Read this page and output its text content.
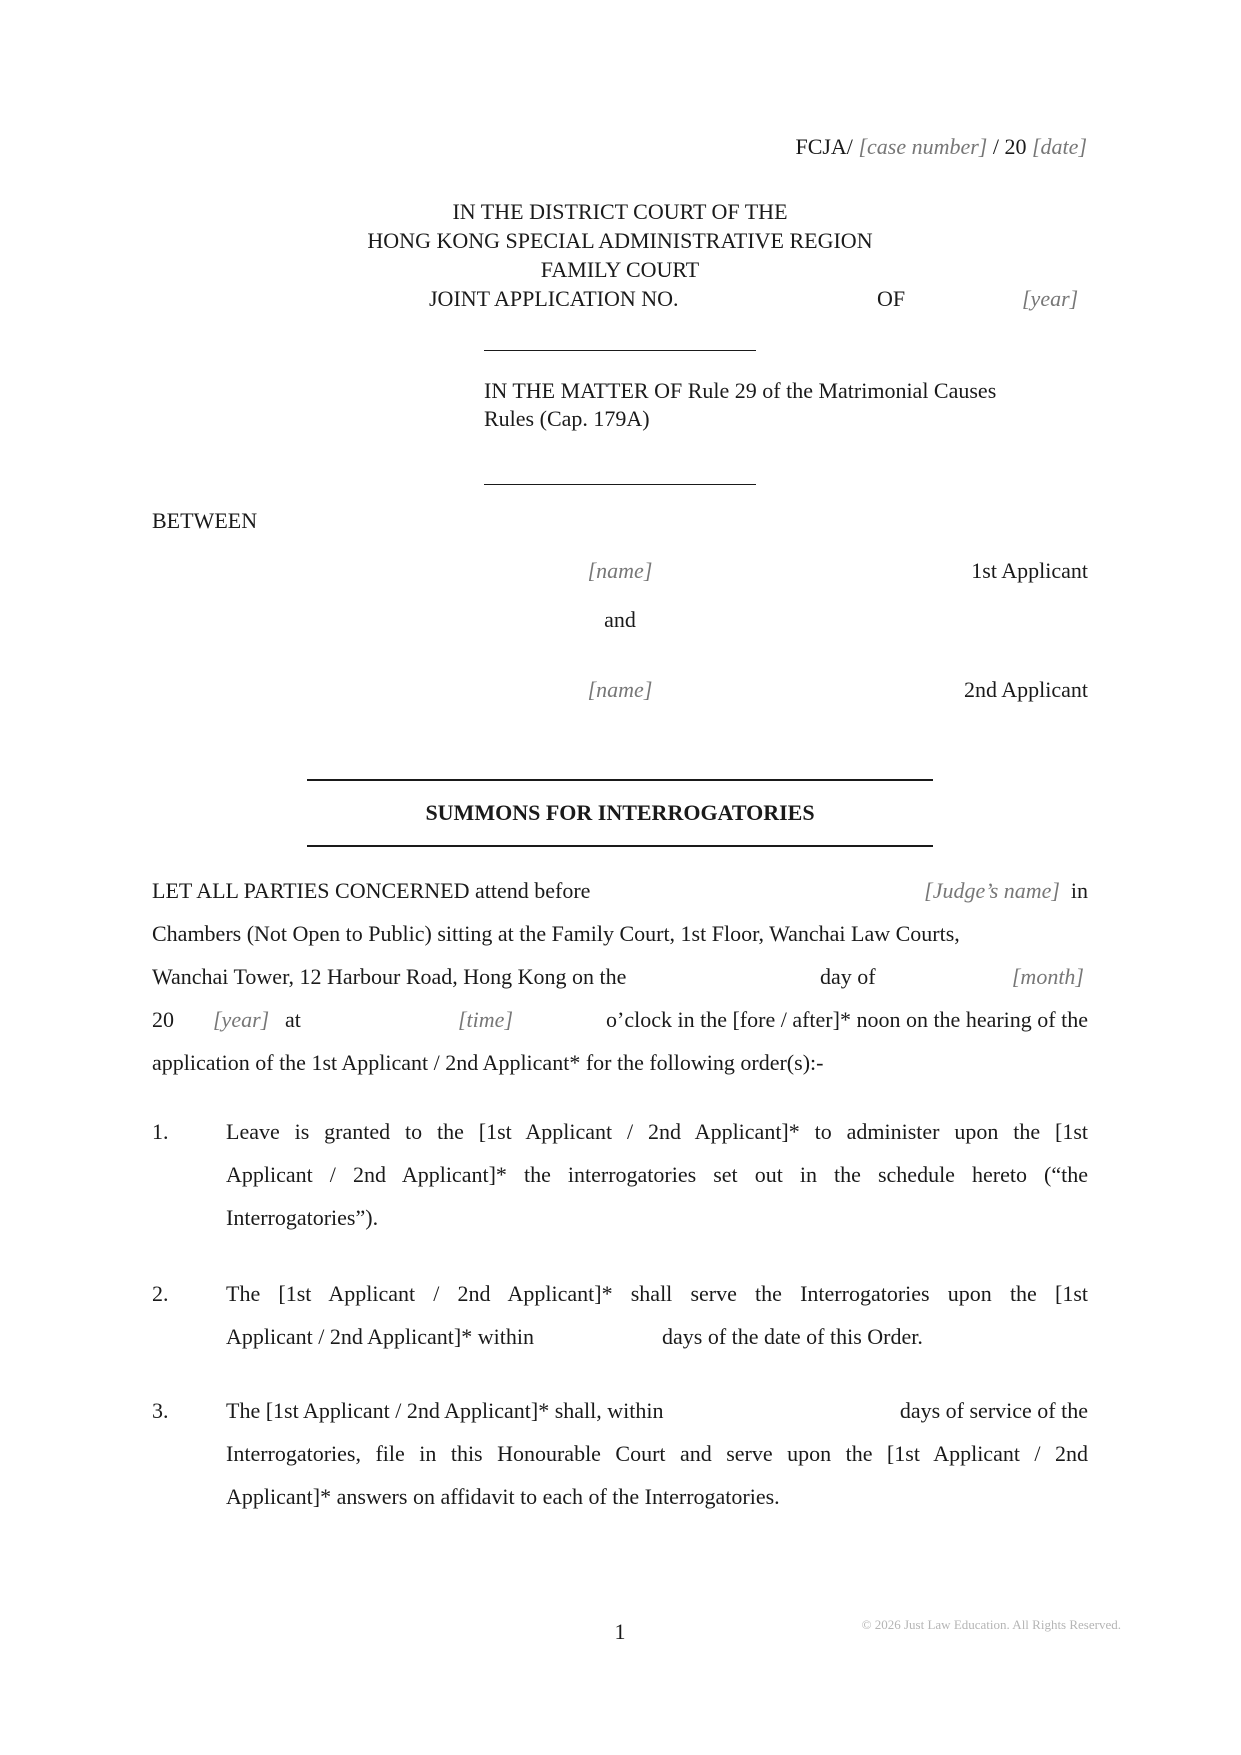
FCJA/ [case number] / 20 [date]
IN THE DISTRICT COURT OF THE
HONG KONG SPECIAL ADMINISTRATIVE REGION
FAMILY COURT
JOINT APPLICATION NO.	OF	[year]
IN THE MATTER OF Rule 29 of the Matrimonial Causes
Rules (Cap. 179A)
BETWEEN
[name]	1st Applicant
and
[name]	2nd Applicant
SUMMONS FOR INTERROGATORIES
LET ALL PARTIES CONCERNED attend before	[Judge’s name] in
Chambers (Not Open to Public) sitting at the Family Court, 1st Floor, Wanchai Law Courts,
Wanchai Tower, 12 Harbour Road, Hong Kong on the	day of	[month]
20 [year] at	[time]	o’clock in the [fore / after]* noon on the hearing of the
application of the 1st Applicant / 2nd Applicant* for the following order(s):-
1.	Leave is granted to the [1st Applicant / 2nd Applicant]* to administer upon the [1st
Applicant / 2nd Applicant]* the interrogatories set out in the schedule hereto (“the
Interrogatories”).
2.	The [1st Applicant / 2nd Applicant]* shall serve the Interrogatories upon the [1st
Applicant / 2nd Applicant]* within	days of the date of this Order.
3.	The [1st Applicant / 2nd Applicant]* shall, within	days of service of the
Interrogatories, file in this Honourable Court and serve upon the [1st Applicant / 2nd
Applicant]* answers on affidavit to each of the Interrogatories.
1	© 2026 Just Law Education. All Rights Reserved.
